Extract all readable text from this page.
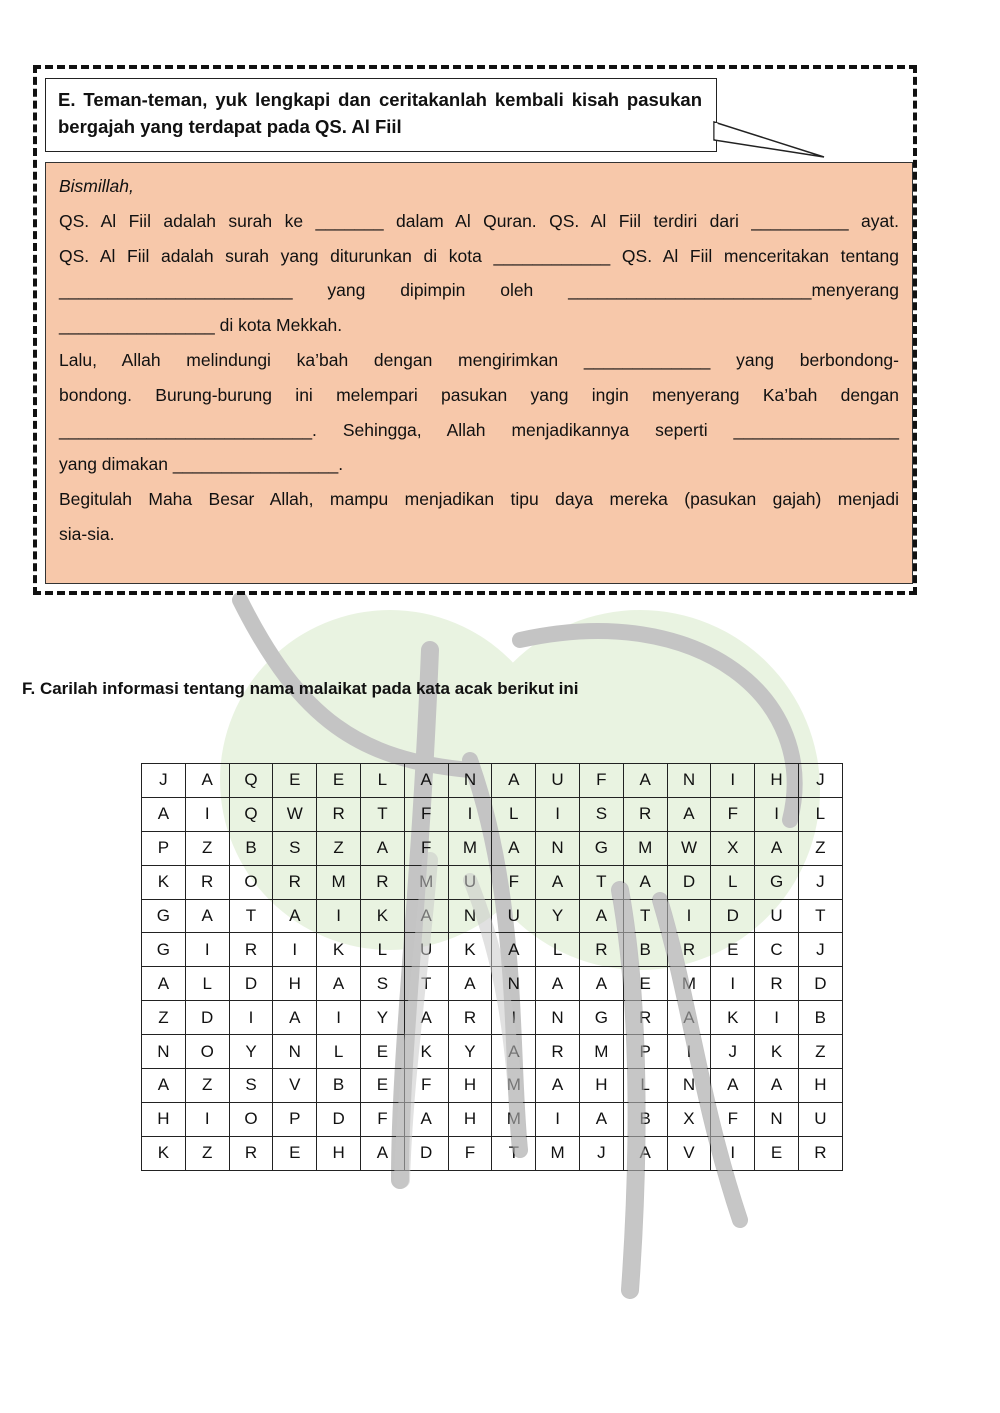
E. Teman-teman, yuk lengkapi dan ceritakanlah kembali kisah pasukan bergajah yang terdapat pada QS. Al Fiil

Bismillah,

QS. Al Fiil adalah surah ke _______ dalam Al Quran. QS. Al Fiil terdiri dari __________ ayat.

QS. Al Fiil adalah surah yang diturunkan di kota ____________ QS. Al Fiil menceritakan tentang

________________________ yang dipimpin oleh _________________________menyerang

________________ di kota Mekkah.

Lalu, Allah melindungi ka’bah dengan mengirimkan _____________ yang berbondong-

bondong. Burung-burung ini melempari pasukan yang ingin menyerang Ka’bah dengan

__________________________. Sehingga, Allah menjadikannya seperti _________________

yang dimakan _________________.

Begitulah Maha Besar Allah, mampu menjadikan tipu daya mereka (pasukan gajah) menjadi

sia-sia.

F. Carilah informasi tentang nama malaikat pada kata acak berikut ini
J	A	Q	E	E	L	A	N	A	U	F	A	N	I	H	J
A	I	Q	W	R	T	F	I	L	I	S	R	A	F	I	L
P	Z	B	S	Z	A	F	M	A	N	G	M	W	X	A	Z
K	R	O	R	M	R	M	U	F	A	T	A	D	L	G	J
G	A	T	A	I	K	A	N	U	Y	A	T	I	D	U	T
G	I	R	I	K	L	U	K	A	L	R	B	R	E	C	J
A	L	D	H	A	S	T	A	N	A	A	E	M	I	R	D
Z	D	I	A	I	Y	A	R	I	N	G	R	A	K	I	B
N	O	Y	N	L	E	K	Y	A	R	M	P	I	J	K	Z
A	Z	S	V	B	E	F	H	M	A	H	L	N	A	A	H
H	I	O	P	D	F	A	H	M	I	A	B	X	F	N	U
K	Z	R	E	H	A	D	F	T	M	J	A	V	I	E	R
